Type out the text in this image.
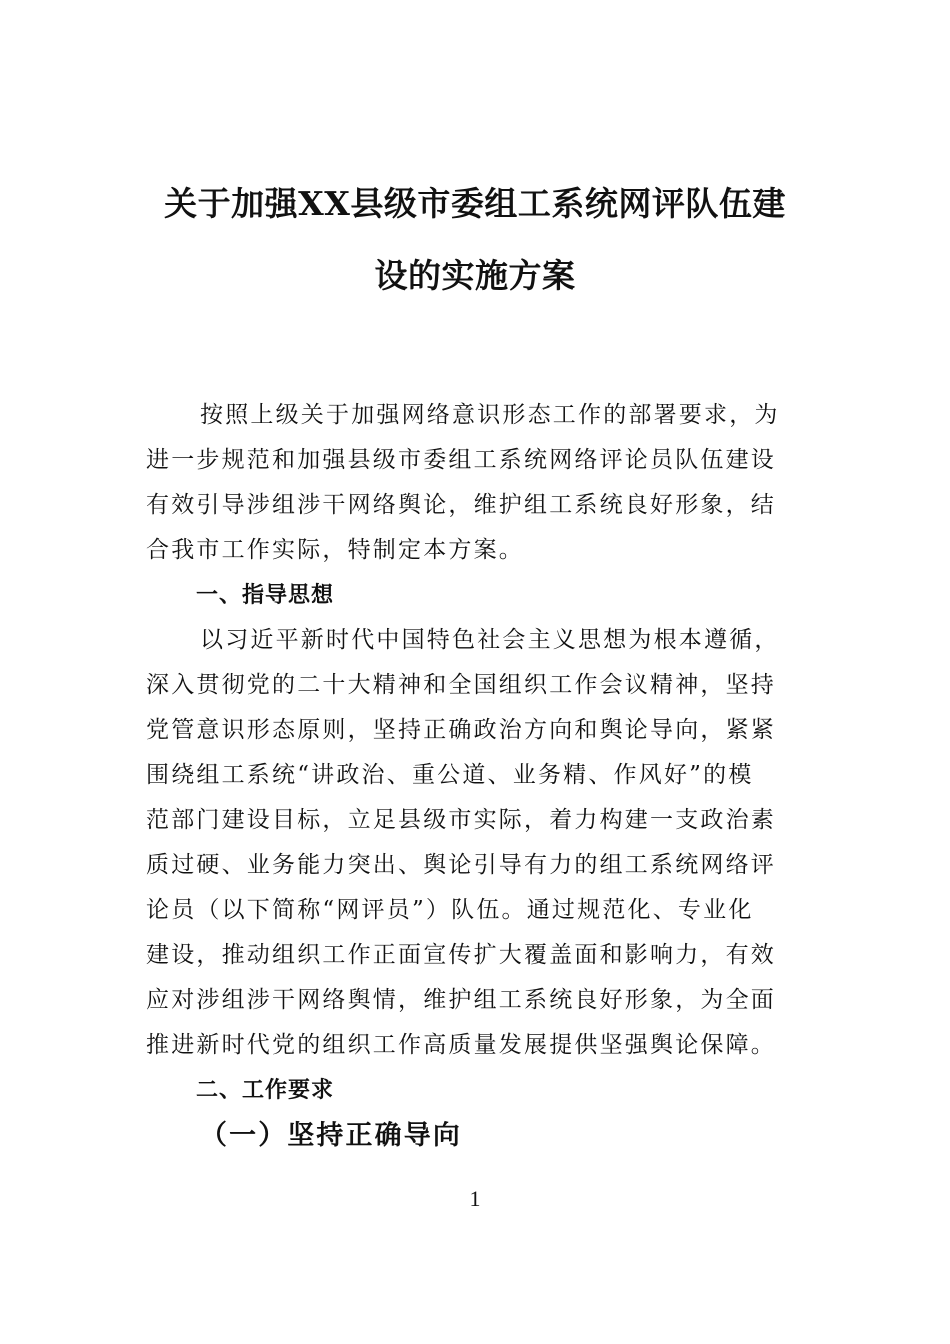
关于加强XX县级市委组工系统网评队伍建
设的实施方案

按照上级关于加强网络意识形态工作的部署要求，为
进一步规范和加强县级市委组工系统网络评论员队伍建设
有效引导涉组涉干网络舆论，维护组工系统良好形象，结
合我市工作实际，特制定本方案。

一、指导思想

以习近平新时代中国特色社会主义思想为根本遵循，
深入贯彻党的二十大精神和全国组织工作会议精神，坚持
党管意识形态原则，坚持正确政治方向和舆论导向，紧紧
围绕组工系统“讲政治、重公道、业务精、作风好”的模
范部门建设目标，立足县级市实际，着力构建一支政治素
质过硬、业务能力突出、舆论引导有力的组工系统网络评
论员（以下简称“网评员”）队伍。通过规范化、专业化
建设，推动组织工作正面宣传扩大覆盖面和影响力，有效
应对涉组涉干网络舆情，维护组工系统良好形象，为全面
推进新时代党的组织工作高质量发展提供坚强舆论保障。

二、工作要求
（一）坚持正确导向
1
